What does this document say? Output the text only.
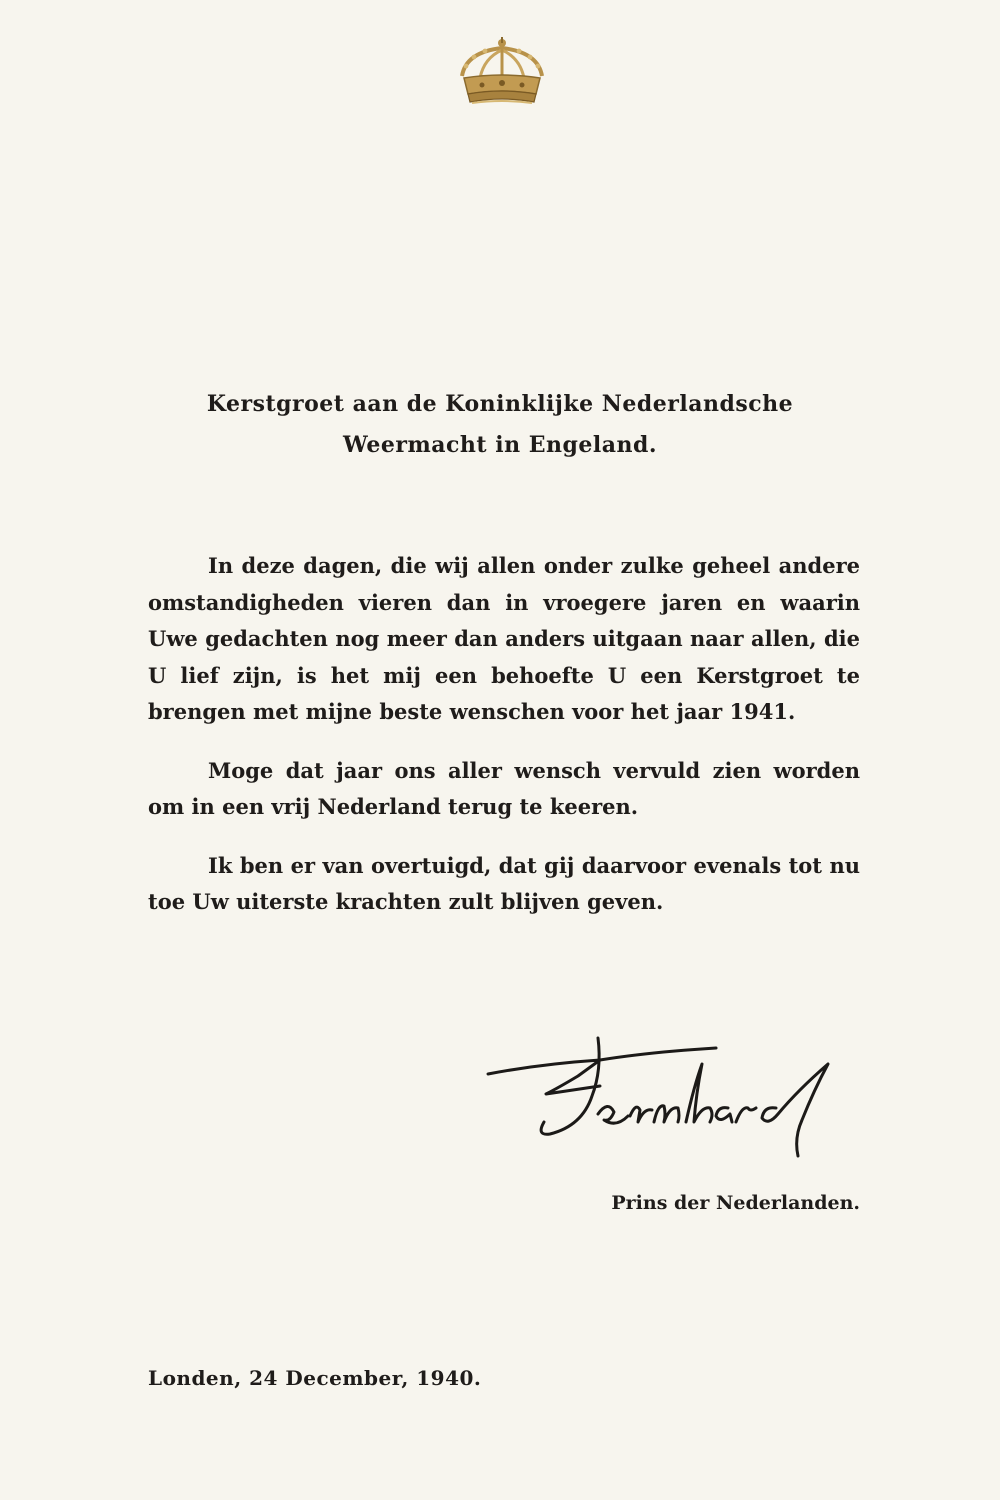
Kerstgroet aan de Koninklijke Nederlandsche
Weermacht in Engeland.

In deze dagen, die wij allen onder zulke geheel andere omstandigheden vieren dan in vroegere jaren en waarin Uwe gedachten nog meer dan anders uitgaan naar allen, die U lief zijn, is het mij een behoefte U een Kerstgroet te brengen met mijne beste wenschen voor het jaar 1941.

Moge dat jaar ons aller wensch vervuld zien worden om in een vrij Nederland terug te keeren.

Ik ben er van overtuigd, dat gij daarvoor evenals tot nu toe Uw uiterste krachten zult blijven geven.

Prins der Nederlanden.
Londen, 24 December, 1940.
